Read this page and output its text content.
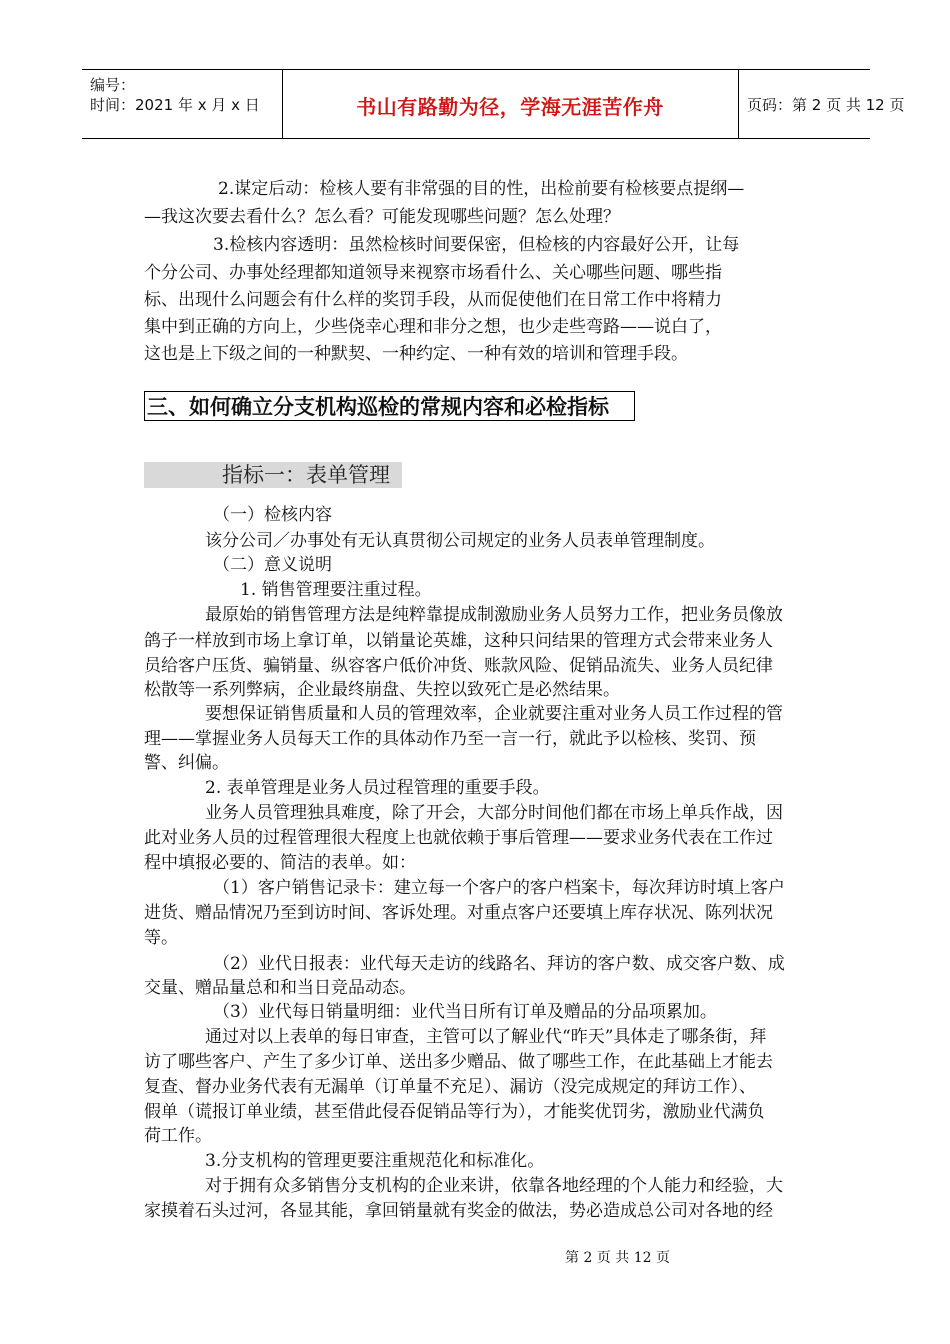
编号：
时间：2021 年 x 月 x 日	书山有路勤为径，学海无涯苦作舟	页码：第 2 页 共 12 页
2.谋定后动：检核人要有非常强的目的性，出检前要有检核要点提纲—
—我这次要去看什么？怎么看？可能发现哪些问题？怎么处理？
3.检核内容透明：虽然检核时间要保密，但检核的内容最好公开，让每
个分公司、办事处经理都知道领导来视察市场看什么、关心哪些问题、哪些指
标、出现什么问题会有什么样的奖罚手段，从而促使他们在日常工作中将精力
集中到正确的方向上，少些侥幸心理和非分之想，也少走些弯路——说白了，
这也是上下级之间的一种默契、一种约定、一种有效的培训和管理手段。
三、如何确立分支机构巡检的常规内容和必检指标
指标一：表单管理
（一）检核内容
该分公司／办事处有无认真贯彻公司规定的业务人员表单管理制度。
（二）意义说明
1. 销售管理要注重过程。
最原始的销售管理方法是纯粹靠提成制激励业务人员努力工作，把业务员像放
鸽子一样放到市场上拿订单，以销量论英雄，这种只问结果的管理方式会带来业务人
员给客户压货、骗销量、纵容客户低价冲货、账款风险、促销品流失、业务人员纪律
松散等一系列弊病，企业最终崩盘、失控以致死亡是必然结果。
要想保证销售质量和人员的管理效率，企业就要注重对业务人员工作过程的管
理——掌握业务人员每天工作的具体动作乃至一言一行，就此予以检核、奖罚、预
警、纠偏。
2. 表单管理是业务人员过程管理的重要手段。
业务人员管理独具难度，除了开会，大部分时间他们都在市场上单兵作战，因
此对业务人员的过程管理很大程度上也就依赖于事后管理——要求业务代表在工作过
程中填报必要的、简洁的表单。如：
（1）客户销售记录卡：建立每一个客户的客户档案卡，每次拜访时填上客户
进货、赠品情况乃至到访时间、客诉处理。对重点客户还要填上库存状况、陈列状况
等。
（2）业代日报表：业代每天走访的线路名、拜访的客户数、成交客户数、成
交量、赠品量总和和当日竞品动态。
（3）业代每日销量明细：业代当日所有订单及赠品的分品项累加。
通过对以上表单的每日审查，主管可以了解业代“昨天”具体走了哪条街，拜
访了哪些客户、产生了多少订单、送出多少赠品、做了哪些工作，在此基础上才能去
复查、督办业务代表有无漏单（订单量不充足）、漏访（没完成规定的拜访工作）、
假单（谎报订单业绩，甚至借此侵吞促销品等行为），才能奖优罚劣，激励业代满负
荷工作。
3.分支机构的管理更要注重规范化和标准化。
对于拥有众多销售分支机构的企业来讲，依靠各地经理的个人能力和经验，大
家摸着石头过河，各显其能，拿回销量就有奖金的做法，势必造成总公司对各地的经
第 2 页 共 12 页
